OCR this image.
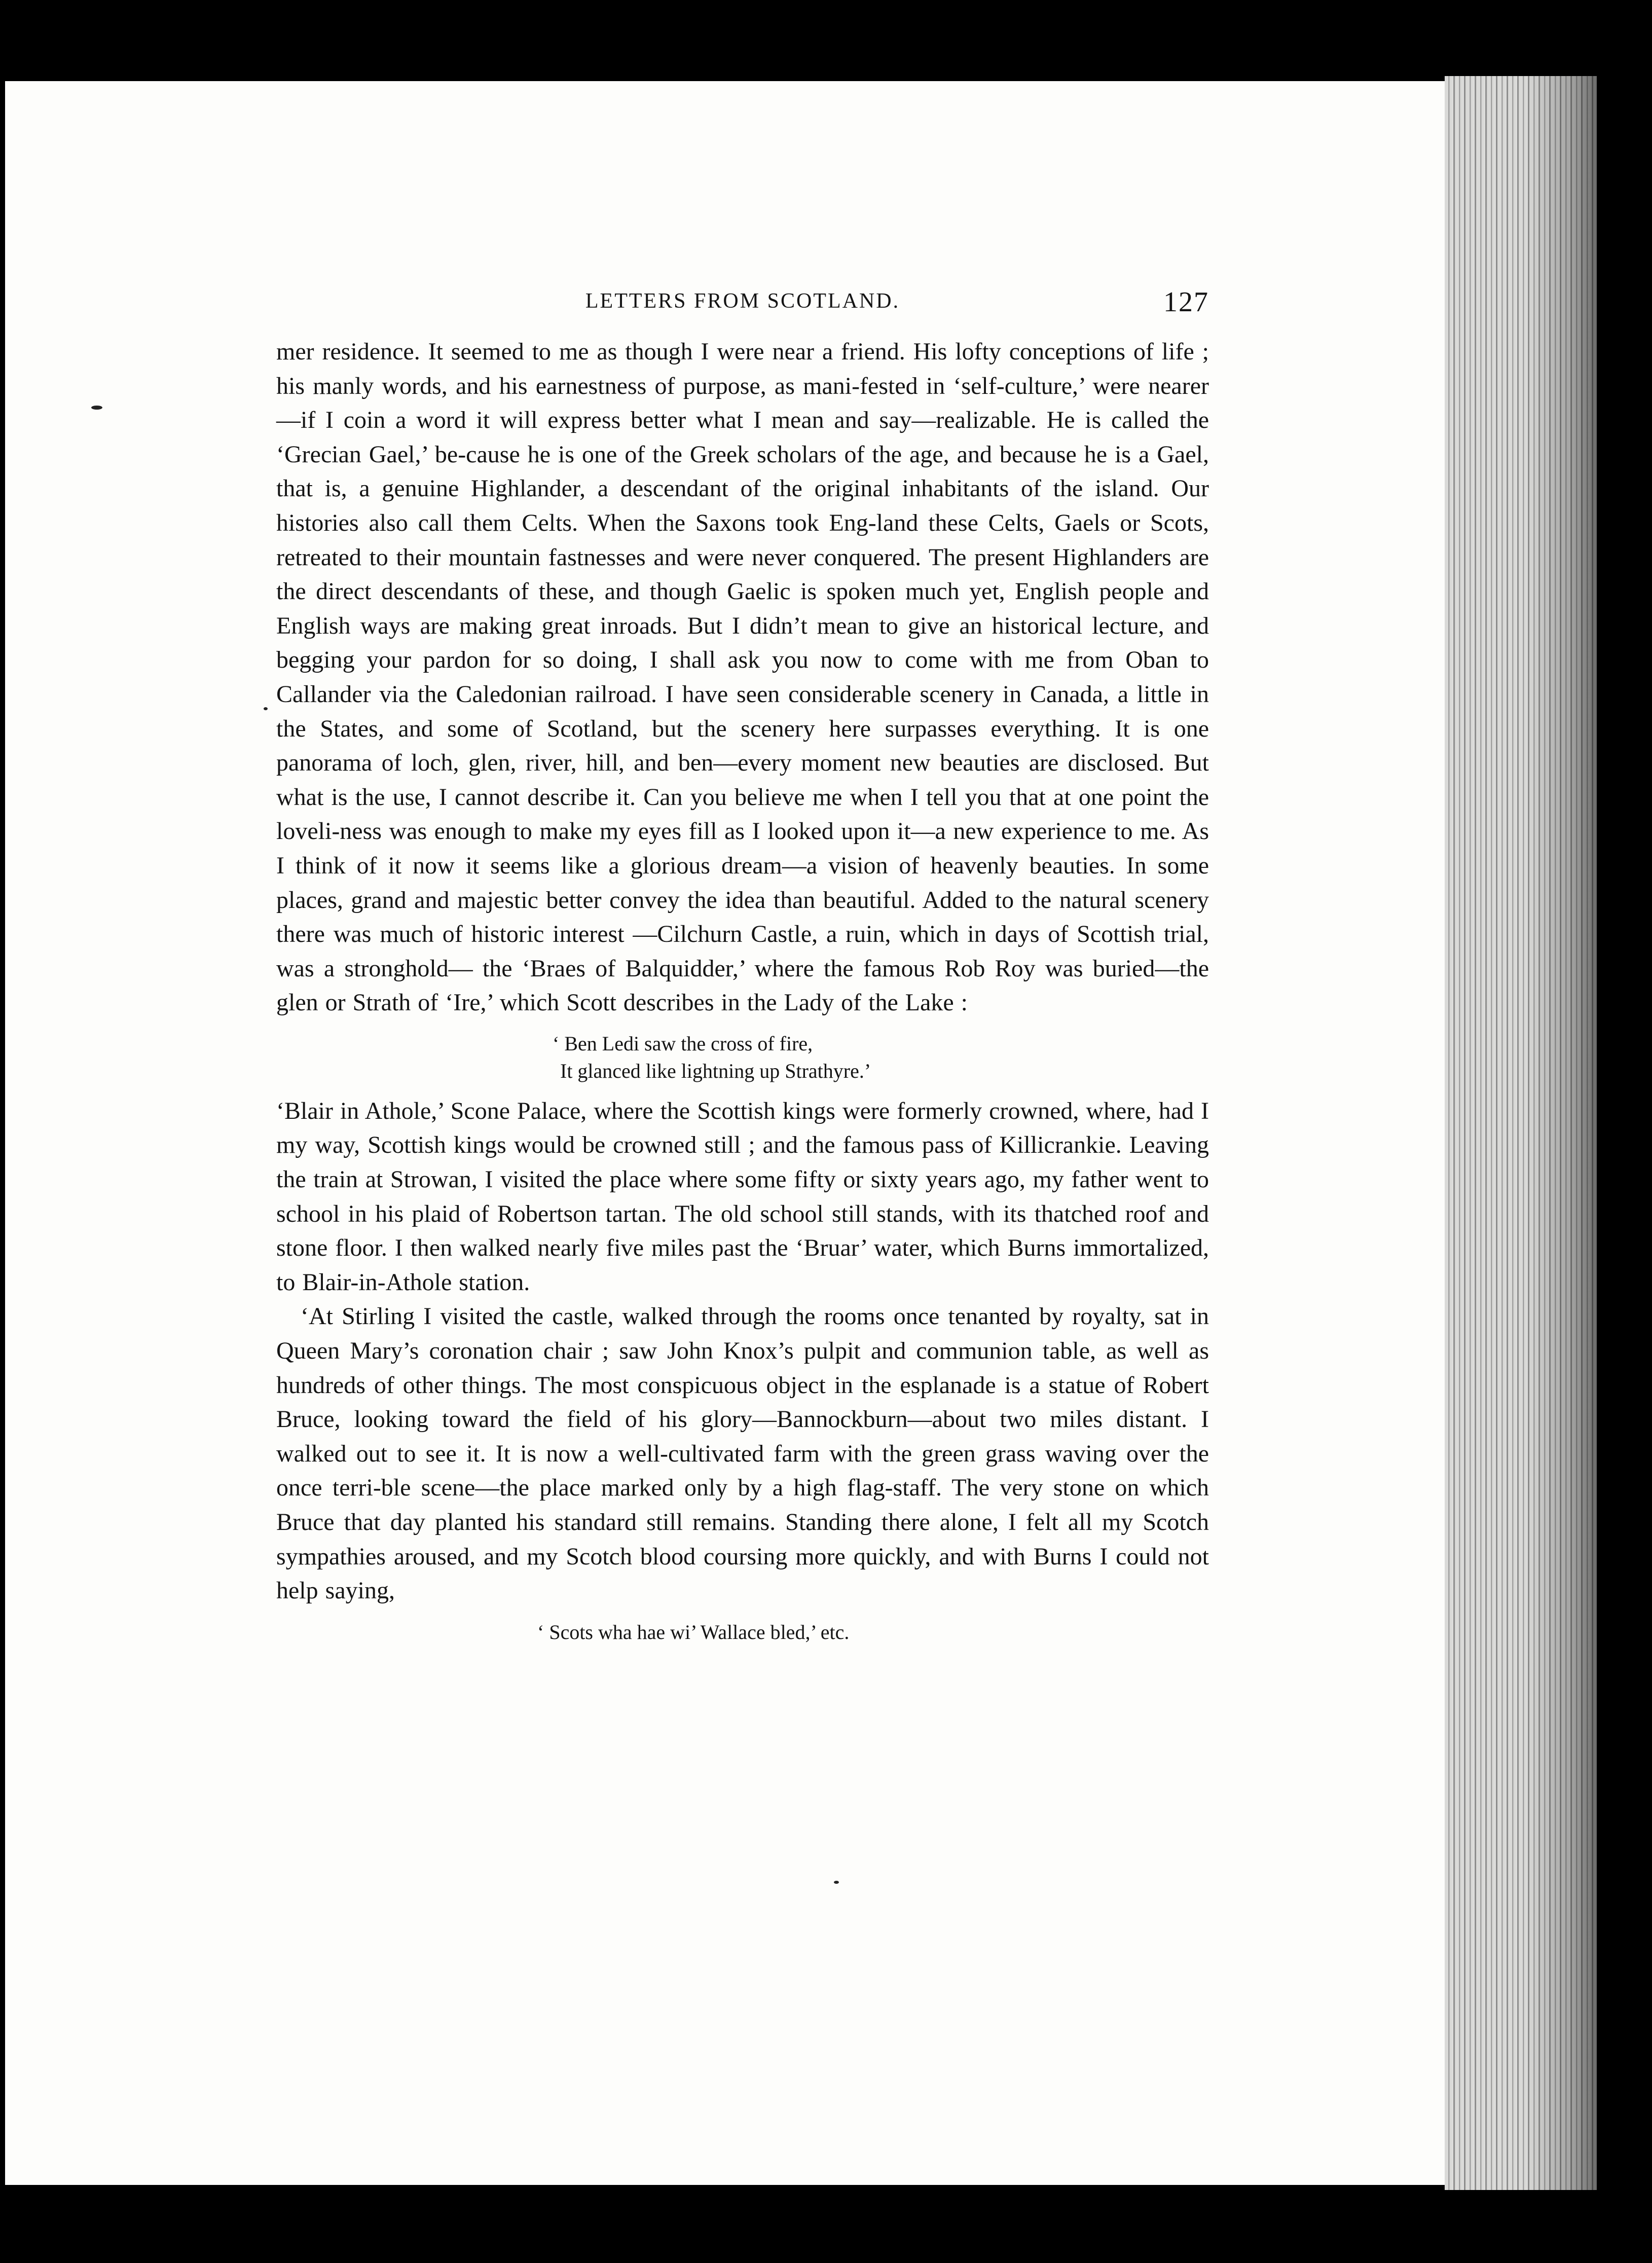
LETTERS FROM SCOTLAND.	127

mer residence. It seemed to me as though I were near a friend. His lofty conceptions of life ; his manly words, and his earnestness of purpose, as mani-fested in ‘self-culture,’ were nearer—if I coin a word it will express better what I mean and say—realizable. He is called the ‘Grecian Gael,’ be-cause he is one of the Greek scholars of the age, and because he is a Gael, that is, a genuine Highlander, a descendant of the original inhabitants of the island. Our histories also call them Celts. When the Saxons took Eng-land these Celts, Gaels or Scots, retreated to their mountain fastnesses and were never conquered. The present Highlanders are the direct descendants of these, and though Gaelic is spoken much yet, English people and English ways are making great inroads. But I didn’t mean to give an historical lecture, and begging your pardon for so doing, I shall ask you now to come with me from Oban to Callander via the Caledonian railroad. I have seen considerable scenery in Canada, a little in the States, and some of Scotland, but the scenery here surpasses everything. It is one panorama of loch, glen, river, hill, and ben—every moment new beauties are disclosed. But what is the use, I cannot describe it. Can you believe me when I tell you that at one point the loveli-ness was enough to make my eyes fill as I looked upon it—a new experience to me. As I think of it now it seems like a glorious dream—a vision of heavenly beauties. In some places, grand and majestic better convey the idea than beautiful. Added to the natural scenery there was much of historic interest —Cilchurn Castle, a ruin, which in days of Scottish trial, was a stronghold— the ‘Braes of Balquidder,’ where the famous Rob Roy was buried—the glen or Strath of ‘Ire,’ which Scott describes in the Lady of the Lake :

‘ Ben Ledi saw the cross of fire,
It glanced like lightning up Strathyre.’

‘Blair in Athole,’ Scone Palace, where the Scottish kings were formerly crowned, where, had I my way, Scottish kings would be crowned still ; and the famous pass of Killicrankie. Leaving the train at Strowan, I visited the place where some fifty or sixty years ago, my father went to school in his plaid of Robertson tartan. The old school still stands, with its thatched roof and stone floor. I then walked nearly five miles past the ‘Bruar’ water, which Burns immortalized, to Blair-in-Athole station.

‘At Stirling I visited the castle, walked through the rooms once tenanted by royalty, sat in Queen Mary’s coronation chair ; saw John Knox’s pulpit and communion table, as well as hundreds of other things. The most conspicuous object in the esplanade is a statue of Robert Bruce, looking toward the field of his glory—Bannockburn—about two miles distant. I walked out to see it. It is now a well-cultivated farm with the green grass waving over the once terri-ble scene—the place marked only by a high flag-staff. The very stone on which Bruce that day planted his standard still remains. Standing there alone, I felt all my Scotch sympathies aroused, and my Scotch blood coursing more quickly, and with Burns I could not help saying,

‘ Scots wha hae wi’ Wallace bled,’ etc.
